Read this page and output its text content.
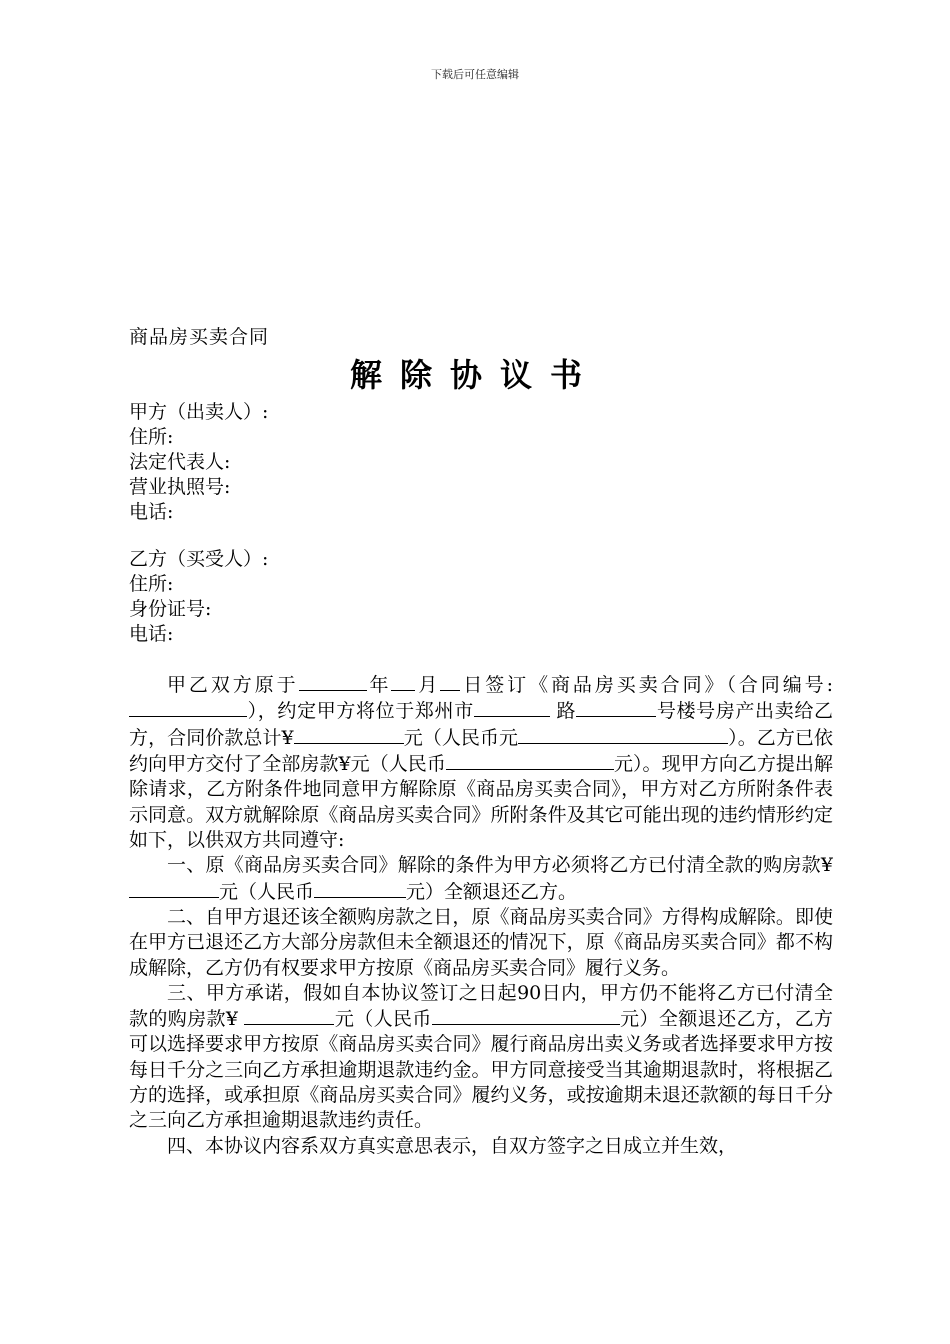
下载后可任意编辑
商品房买卖合同
解除协议书

甲方（出卖人）:

住所:

法定代表人:

营业执照号:

电话:

乙方（买受人）:

住所:

身份证号:

电话:

甲乙双方原于	年 月 日签订《商品房买卖合同》（合同编号:），约定甲方将位于郑州市	路	号楼号房产出卖给乙方，合同价款总计¥	元（人民币元	）。乙方已依约向甲方交付了全部房款¥元（人民币	元）。现甲方向乙方提出解除请求，乙方附条件地同意甲方解除原《商品房买卖合同》，甲方对乙方所附条件表示同意。双方就解除原《商品房买卖合同》所附条件及其它可能出现的违约情形约定如下，以供双方共同遵守:

一、原《商品房买卖合同》解除的条件为甲方必须将乙方已付清全款的购房款¥ 元（人民币	元）全额退还乙方。

二、自甲方退还该全额购房款之日，原《商品房买卖合同》方得构成解除。即使在甲方已退还乙方大部分房款但未全额退还的情况下，原《商品房买卖合同》都不构成解除，乙方仍有权要求甲方按原《商品房买卖合同》履行义务。

三、甲方承诺，假如自本协议签订之日起90日内，甲方仍不能将乙方已付清全款的购房款¥	元（人民币	元）全额退还乙方，乙方可以选择要求甲方按原《商品房买卖合同》履行商品房出卖义务或者选择要求甲方按每日千分之三向乙方承担逾期退款违约金。甲方同意接受当其逾期退款时，将根据乙方的选择，或承担原《商品房买卖合同》履约义务，或按逾期未退还款额的每日千分之三向乙方承担逾期退款违约责任。

四、本协议内容系双方真实意思表示，自双方签字之日成立并生效，
